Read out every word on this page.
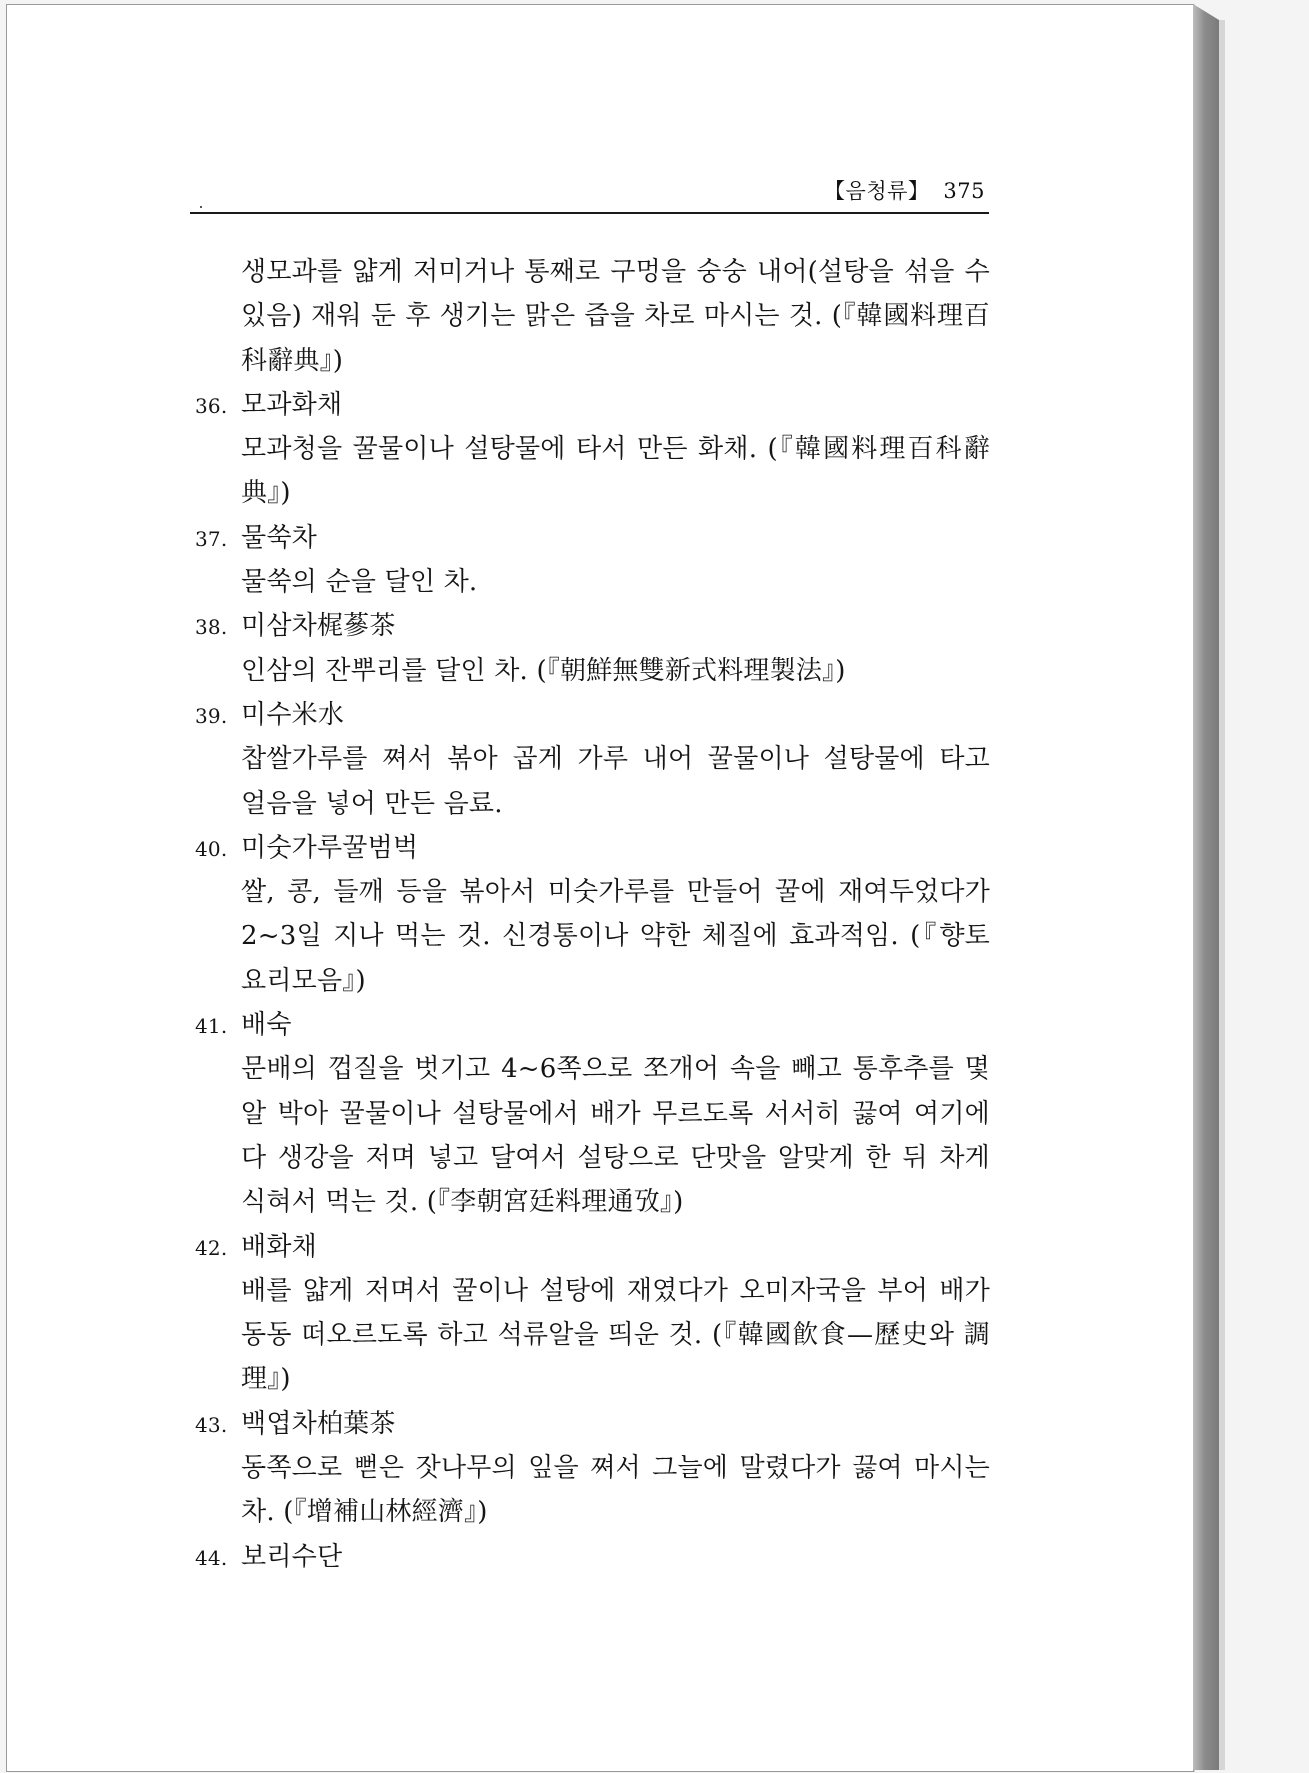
【음청류】 375
생모과를 얇게 저미거나 통째로 구멍을 숭숭 내어(설탕을 섞을 수
있음) 재워 둔 후 생기는 맑은 즙을 차로 마시는 것. (『韓國料理百
科辭典』)
36. 모과화채
모과청을 꿀물이나 설탕물에 타서 만든 화채. (『韓國料理百科辭
典』)
37. 물쑥차
물쑥의 순을 달인 차.
38. 미삼차梶蔘茶
인삼의 잔뿌리를 달인 차. (『朝鮮無雙新式料理製法』)
39. 미수米水
찹쌀가루를 쪄서 볶아 곱게 가루 내어 꿀물이나 설탕물에 타고
얼음을 넣어 만든 음료.
40. 미숫가루꿀범벅
쌀, 콩, 들깨 등을 볶아서 미숫가루를 만들어 꿀에 재여두었다가
2~3일 지나 먹는 것. 신경통이나 약한 체질에 효과적임. (『향토
요리모음』)
41. 배숙
문배의 껍질을 벗기고 4~6쪽으로 쪼개어 속을 빼고 통후추를 몇
알 박아 꿀물이나 설탕물에서 배가 무르도록 서서히 끓여 여기에
다 생강을 저며 넣고 달여서 설탕으로 단맛을 알맞게 한 뒤 차게
식혀서 먹는 것. (『李朝宮廷料理通攷』)
42. 배화채
배를 얇게 저며서 꿀이나 설탕에 재였다가 오미자국을 부어 배가
동동 떠오르도록 하고 석류알을 띄운 것. (『韓國飮食—歷史와 調
理』)
43. 백엽차柏葉茶
동쪽으로 뻗은 잣나무의 잎을 쪄서 그늘에 말렸다가 끓여 마시는
차. (『增補山林經濟』)
44. 보리수단
